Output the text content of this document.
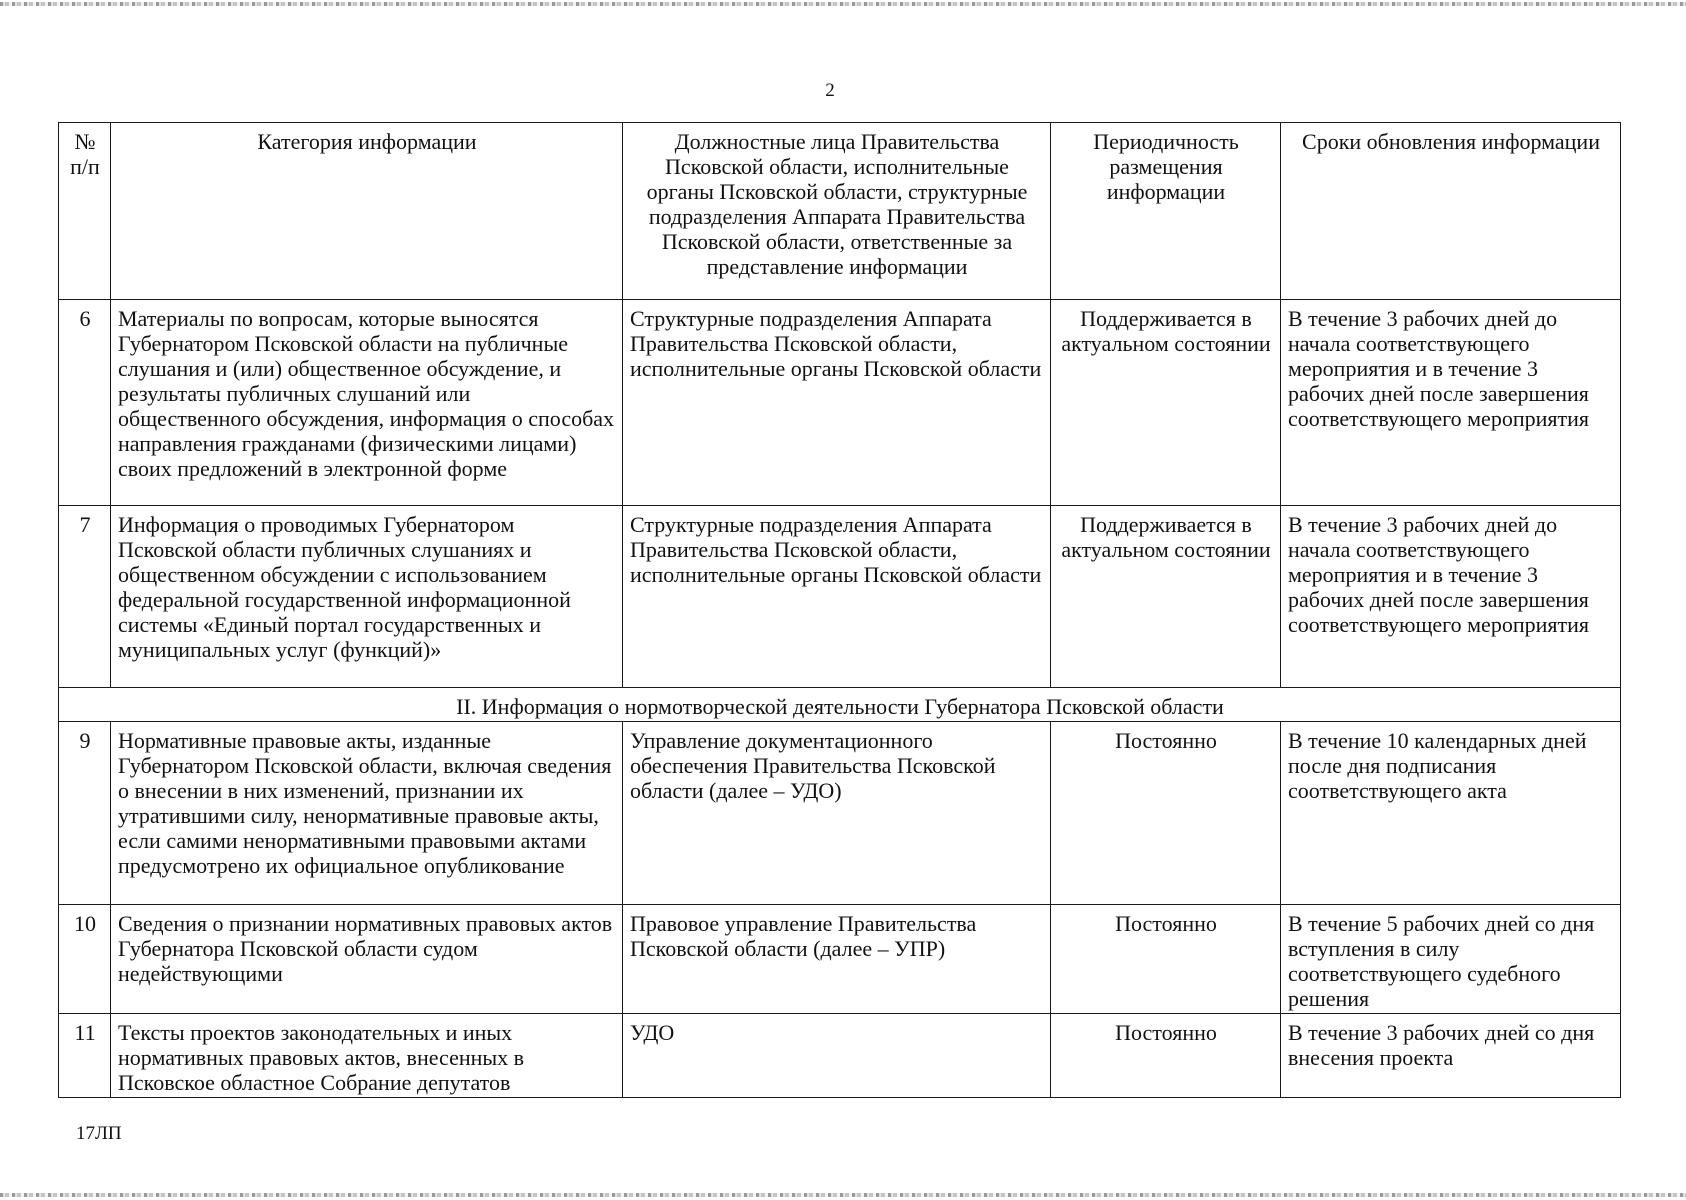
2
№ п/п	Категория информации	Должностные лица Правительства Псковской области, исполнительные органы Псковской области, структурные подразделения Аппарата Правительства Псковской области, ответственные за представление информации	Периодичность размещения информации	Сроки обновления информации
6	Материалы по вопросам, которые выносятся Губернатором Псковской области на публичные слушания и (или) общественное обсуждение, и результаты публичных слушаний или общественного обсуждения, информация о способах направления гражданами (физическими лицами) своих предложений в электронной форме	Структурные подразделения Аппарата Правительства Псковской области, исполнительные органы Псковской области	Поддерживается в актуальном состоянии	В течение 3 рабочих дней до начала соответствующего мероприятия и в течение 3 рабочих дней после завершения соответствующего мероприятия
7	Информация о проводимых Губернатором Псковской области публичных слушаниях и общественном обсуждении с использованием федеральной государственной информационной системы «Единый портал государственных и муниципальных услуг (функций)»	Структурные подразделения Аппарата Правительства Псковской области, исполнительные органы Псковской области	Поддерживается в актуальном состоянии	В течение 3 рабочих дней до начала соответствующего мероприятия и в течение 3 рабочих дней после завершения соответствующего мероприятия
II. Информация о нормотворческой деятельности Губернатора Псковской области				
9	Нормативные правовые акты, изданные Губернатором Псковской области, включая сведения о внесении в них изменений, признании их утратившими силу, ненормативные правовые акты, если самими ненормативными правовыми актами предусмотрено их официальное опубликование	Управление документационного обеспечения Правительства Псковской области (далее – УДО)	Постоянно	В течение 10 календарных дней после дня подписания соответствующего акта
10	Сведения о признании нормативных правовых актов Губернатора Псковской области судом недействующими	Правовое управление Правительства Псковской области (далее – УПР)	Постоянно	В течение 5 рабочих дней со дня вступления в силу соответствующего судебного решения
11	Тексты проектов законодательных и иных нормативных правовых актов, внесенных в Псковское областное Собрание депутатов	УДО	Постоянно	В течение 3 рабочих дней со дня внесения проекта
17ЛП
